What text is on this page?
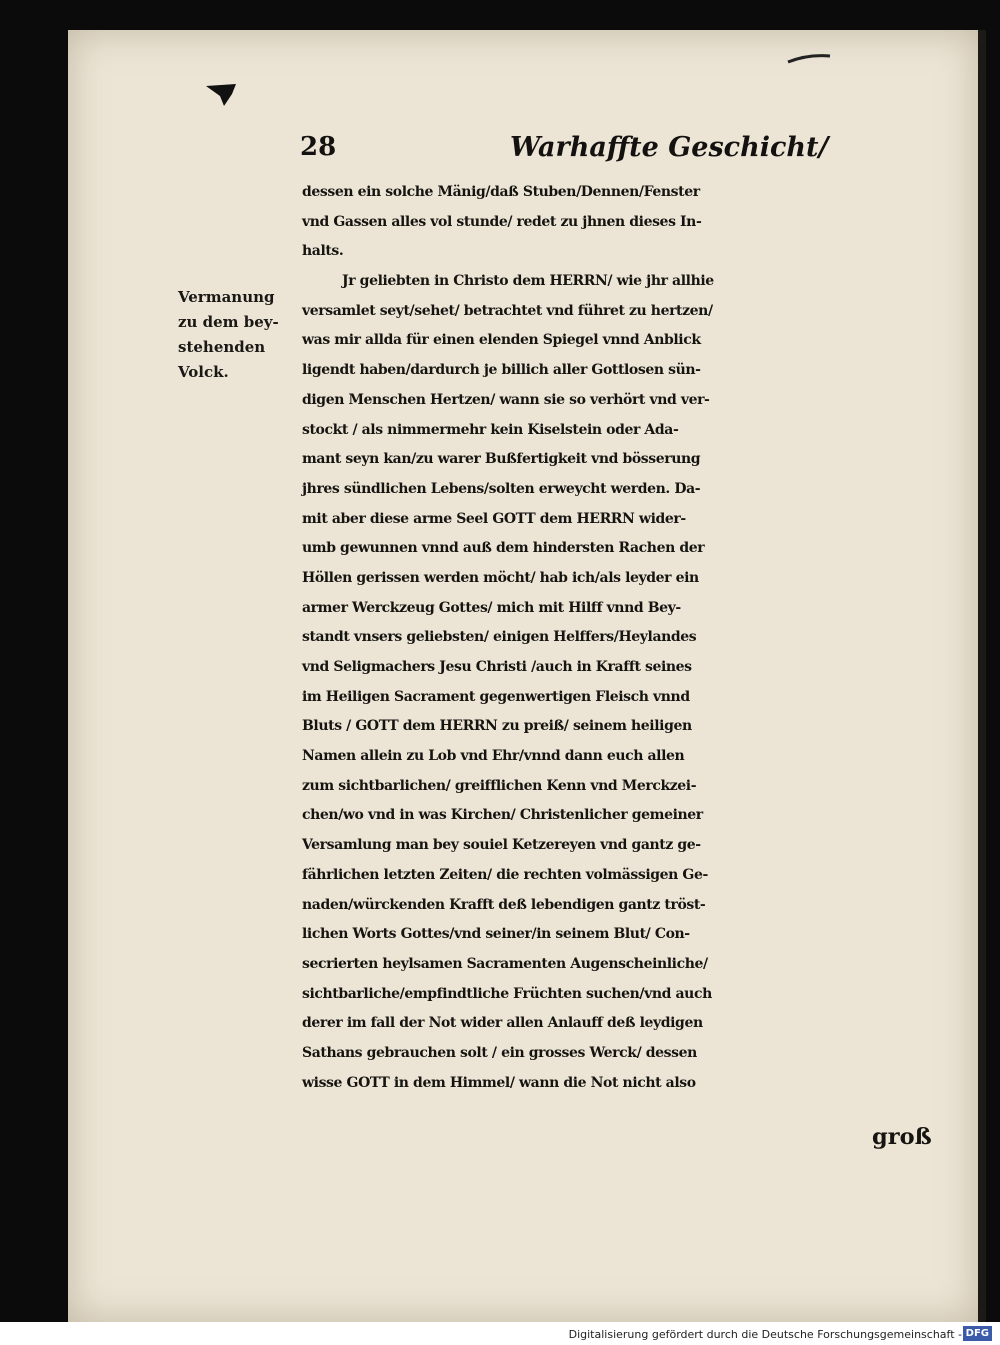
28	Warhaffte Geschicht/
Vermanung
zu dem bey-
stehenden
Volck.
dessen ein solche Mänig/daß Stuben/Dennen/Fenster
vnd Gassen alles vol stunde/ redet zu jhnen dieses In-
halts.
Jr geliebten in Christo dem HERRN/ wie jhr allhie
versamlet seyt/sehet/ betrachtet vnd führet zu hertzen/
was mir allda für einen elenden Spiegel vnnd Anblick
ligendt haben/dardurch je billich aller Gottlosen sün-
digen Menschen Hertzen/ wann sie so verhört vnd ver-
stockt / als nimmermehr kein Kiselstein oder Ada-
mant seyn kan/zu warer Bußfertigkeit vnd bösserung
jhres sündlichen Lebens/solten erweycht werden. Da-
mit aber diese arme Seel GOTT dem HERRN wider-
umb gewunnen vnnd auß dem hindersten Rachen der
Höllen gerissen werden möcht/ hab ich/als leyder ein
armer Werckzeug Gottes/ mich mit Hilff vnnd Bey-
standt vnsers geliebsten/ einigen Helffers/Heylandes
vnd Seligmachers Jesu Christi /auch in Krafft seines
im Heiligen Sacrament gegenwertigen Fleisch vnnd
Bluts / GOTT dem HERRN zu preiß/ seinem heiligen
Namen allein zu Lob vnd Ehr/vnnd dann euch allen
zum sichtbarlichen/ greifflichen Kenn vnd Merckzei-
chen/wo vnd in was Kirchen/ Christenlicher gemeiner
Versamlung man bey souiel Ketzereyen vnd gantz ge-
fährlichen letzten Zeiten/ die rechten volmässigen Ge-
naden/würckenden Krafft deß lebendigen gantz tröst-
lichen Worts Gottes/vnd seiner/in seinem Blut/ Con-
secrierten heylsamen Sacramenten Augenscheinliche/
sichtbarliche/empfindtliche Früchten suchen/vnd auch
derer im fall der Not wider allen Anlauff deß leydigen
Sathans gebrauchen solt / ein grosses Werck/ dessen
wisse GOTT in dem Himmel/ wann die Not nicht also
groß
Digitalisierung gefördert durch die Deutsche Forschungsgemeinschaft - DFG
